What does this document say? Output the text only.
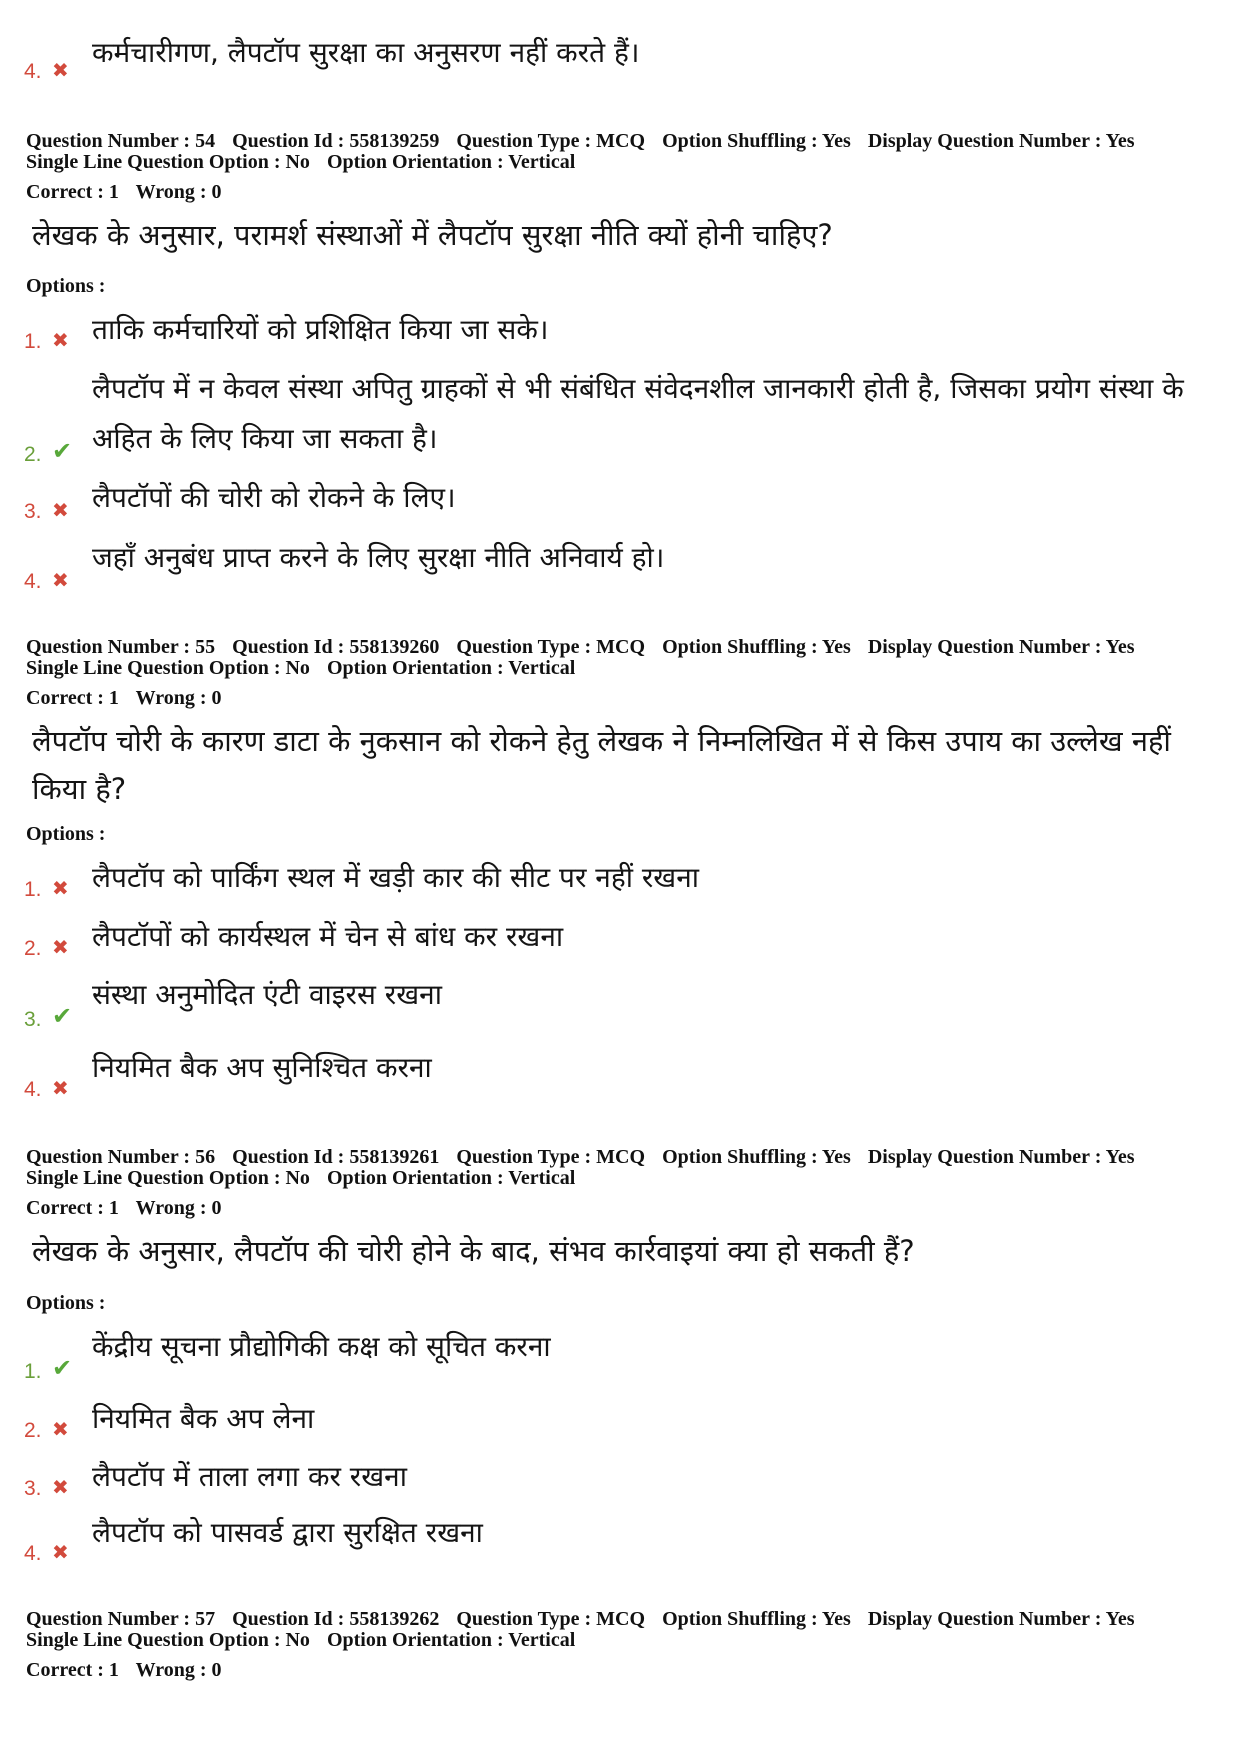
4. ✖
कर्मचारीगण, लैपटॉप सुरक्षा का अनुसरण नहीं करते हैं।
Question Number : 54 Question Id : 558139259 Question Type : MCQ Option Shuffling : Yes Display Question Number : Yes
Single Line Question Option : No Option Orientation : Vertical
Correct : 1 Wrong : 0
लेखक के अनुसार, परामर्श संस्थाओं में लैपटॉप सुरक्षा नीति क्यों होनी चाहिए?
Options :
1. ✖ ताकि कर्मचारियों को प्रशिक्षित किया जा सके।
2. ✔
लैपटॉप में न केवल संस्था अपितु ग्राहकों से भी संबंधित संवेदनशील जानकारी होती है, जिसका प्रयोग संस्था के अहित के लिए किया जा सकता है।
3. ✖ लैपटॉपों की चोरी को रोकने के लिए।
4. ✖
जहाँ अनुबंध प्राप्त करने के लिए सुरक्षा नीति अनिवार्य हो।
Question Number : 55 Question Id : 558139260 Question Type : MCQ Option Shuffling : Yes Display Question Number : Yes
Single Line Question Option : No Option Orientation : Vertical
Correct : 1 Wrong : 0
लैपटॉप चोरी के कारण डाटा के नुकसान को रोकने हेतु लेखक ने निम्नलिखित में से किस उपाय का उल्लेख नहीं किया है?
Options :
1. ✖ लैपटॉप को पार्किंग स्थल में खड़ी कार की सीट पर नहीं रखना
2. ✖ लैपटॉपों को कार्यस्थल में चेन से बांध कर रखना
3. ✔
संस्था अनुमोदित एंटी वाइरस रखना
4. ✖
नियमित बैक अप सुनिश्चित करना
Question Number : 56 Question Id : 558139261 Question Type : MCQ Option Shuffling : Yes Display Question Number : Yes
Single Line Question Option : No Option Orientation : Vertical
Correct : 1 Wrong : 0
लेखक के अनुसार, लैपटॉप की चोरी होने के बाद, संभव कार्रवाइयां क्या हो सकती हैं?
Options :
1. ✔
केंद्रीय सूचना प्रौद्योगिकी कक्ष को सूचित करना
2. ✖ नियमित बैक अप लेना
3. ✖ लैपटॉप में ताला लगा कर रखना
4. ✖
लैपटॉप को पासवर्ड द्वारा सुरक्षित रखना
Question Number : 57 Question Id : 558139262 Question Type : MCQ Option Shuffling : Yes Display Question Number : Yes
Single Line Question Option : No Option Orientation : Vertical
Correct : 1 Wrong : 0
